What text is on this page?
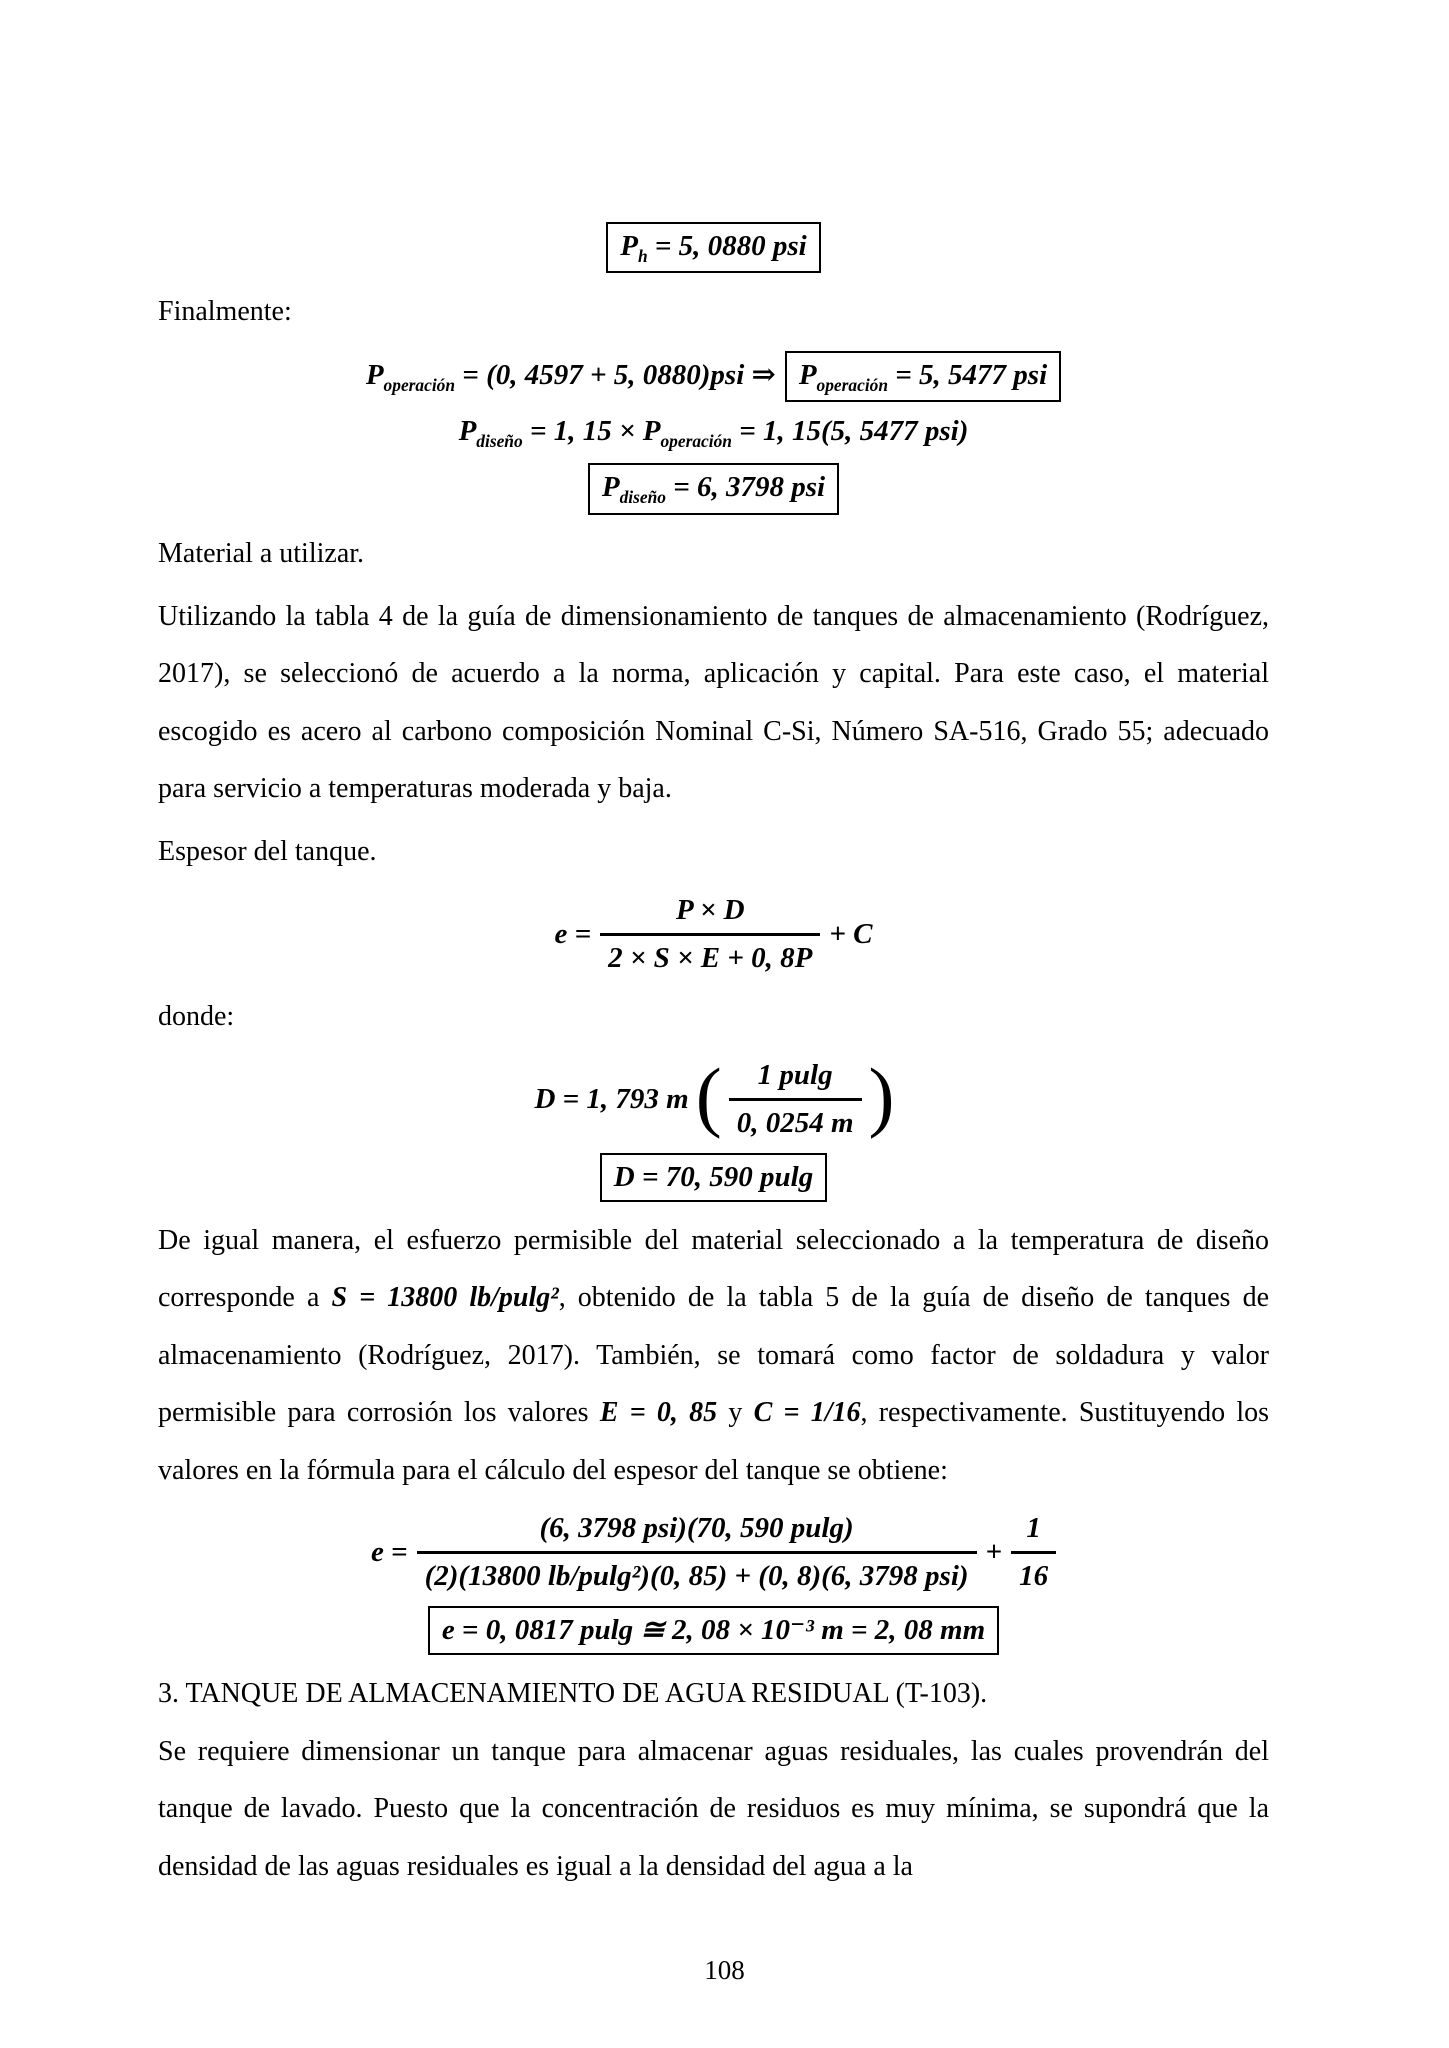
$P_h = 5$, 0880 psi

Finalmente:

$P_{operación} = (0$, 4597 + 5, 0880)psi ⇒ $P_{operación} = 5$, 5477 psi
$P_{diseño} = 1$, $15 \times P_{operación} = 1$, 15(5, 5477 psi)
$P_{diseño} = 6$, 3798 psi

Material a utilizar.

Utilizando la tabla 4 de la guía de dimensionamiento de tanques de almacenamiento (Rodríguez, 2017), se seleccionó de acuerdo a la norma, aplicación y capital. Para este caso, el material escogido es acero al carbono composición Nominal C-Si, Número SA-516, Grado 55; adecuado para servicio a temperaturas moderada y baja.

Espesor del tanque.

$e = \frac{P \times D}{2 \times S \times E + 0, 8P} + C$

donde:

D = 1, 793 m ( $\frac{1 pulg}{0, 0254 m}$ )
D = 70, 590 pulg

De igual manera, el esfuerzo permisible del material seleccionado a la temperatura de diseño corresponde a S = 13800 lb/pulg², obtenido de la tabla 5 de la guía de diseño de tanques de almacenamiento (Rodríguez, 2017). También, se tomará como factor de soldadura y valor permisible para corrosión los valores E = 0, 85 y C = 1/16, respectivamente. Sustituyendo los valores en la fórmula para el cálculo del espesor del tanque se obtiene:

$e = \frac{\text{(6, 3798 psi)(70, 590 pulg)}}{\text{(2)(13800 lb/pulg²)(0, 85) + (0, 8)(6, 3798 psi)}} + \frac{1}{16}$
e = 0, 0817 pulg ≅ 2, 08 × 10⁻³ m = 2, 08 mm

3. TANQUE DE ALMACENAMIENTO DE AGUA RESIDUAL (T-103).

Se requiere dimensionar un tanque para almacenar aguas residuales, las cuales provendrán del tanque de lavado. Puesto que la concentración de residuos es muy mínima, se supondrá que la densidad de las aguas residuales es igual a la densidad del agua a la

108
